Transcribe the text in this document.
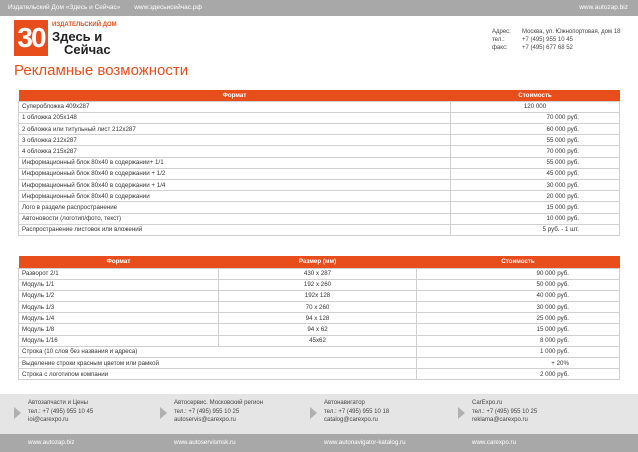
Издательский Дом «Здесь и Сейчас» www.здесьисейчас.рф	www.autozap.biz
30	ИЗДАТЕЛЬСКИЙ ДОМ
Здесь и
Сейчас
Адрес:	Москва, ул. Южнопортовая, дом 18
тел.:	+7 (495) 955 10 45
факс:	+7 (495) 677 68 52
Рекламные возможности
Формат	Стоимость
Суперобложка 409х287	120 000
1 обложка 205х148	70 000 руб.
2 обложка или титульный лист 212х287	60 000 руб.
3 обложка 212х287	55 000 руб.
4 обложка 215х287	70 000 руб.
Информационный блок 80х40 в содержании+ 1/1	55 000 руб.
Информационный блок 80х40 в содержании + 1/2	45 000 руб.
Информационный блок 80х40 в содержании + 1/4	30 000 руб.
Информационный блок 80х40 в содержании	20 000 руб.
Лого в разделе распространение	15 000 руб.
Автоновости (логотип/фото, текст)	10 000 руб.
Распространение листовок или вложений	5 руб. - 1 шт.
Формат	Размер (мм)	Стоимость
Разворот 2/1	430 х 287	90 000 руб.
Модуль 1/1	192 х 260	50 000 руб.
Модуль 1/2	192х 128	40 000 руб.
Модуль 1/3	70 х 260	30 000 руб.
Модуль 1/4	94 х 128	25 000 руб.
Модуль 1/8	94 х 62	15 000 руб.
Модуль 1/16	45х62	8 000 руб.
Строка (10 слов без названия и адреса)		1 000 руб.
Выделение строки красным цветом или рамкой		+ 20%
Строка с логотипом компании		2 000 руб.
Автозапчасти и Цены
тел.: +7 (495) 955 10 45
ioi@carexpo.ru
Автосервис. Московский регион
тел.: +7 (495) 955 10 25
autoservis@carexpo.ru
Автонавигатор
тел.: +7 (495) 955 10 18
catalog@carexpo.ru
CarExpo.ru
тел.: +7 (495) 955 10 25
reklama@carexpo.ru
www.autozap.biz	www.autoservismsk.ru	www.autonavigator-katalog.ru	www.carexpo.ru
